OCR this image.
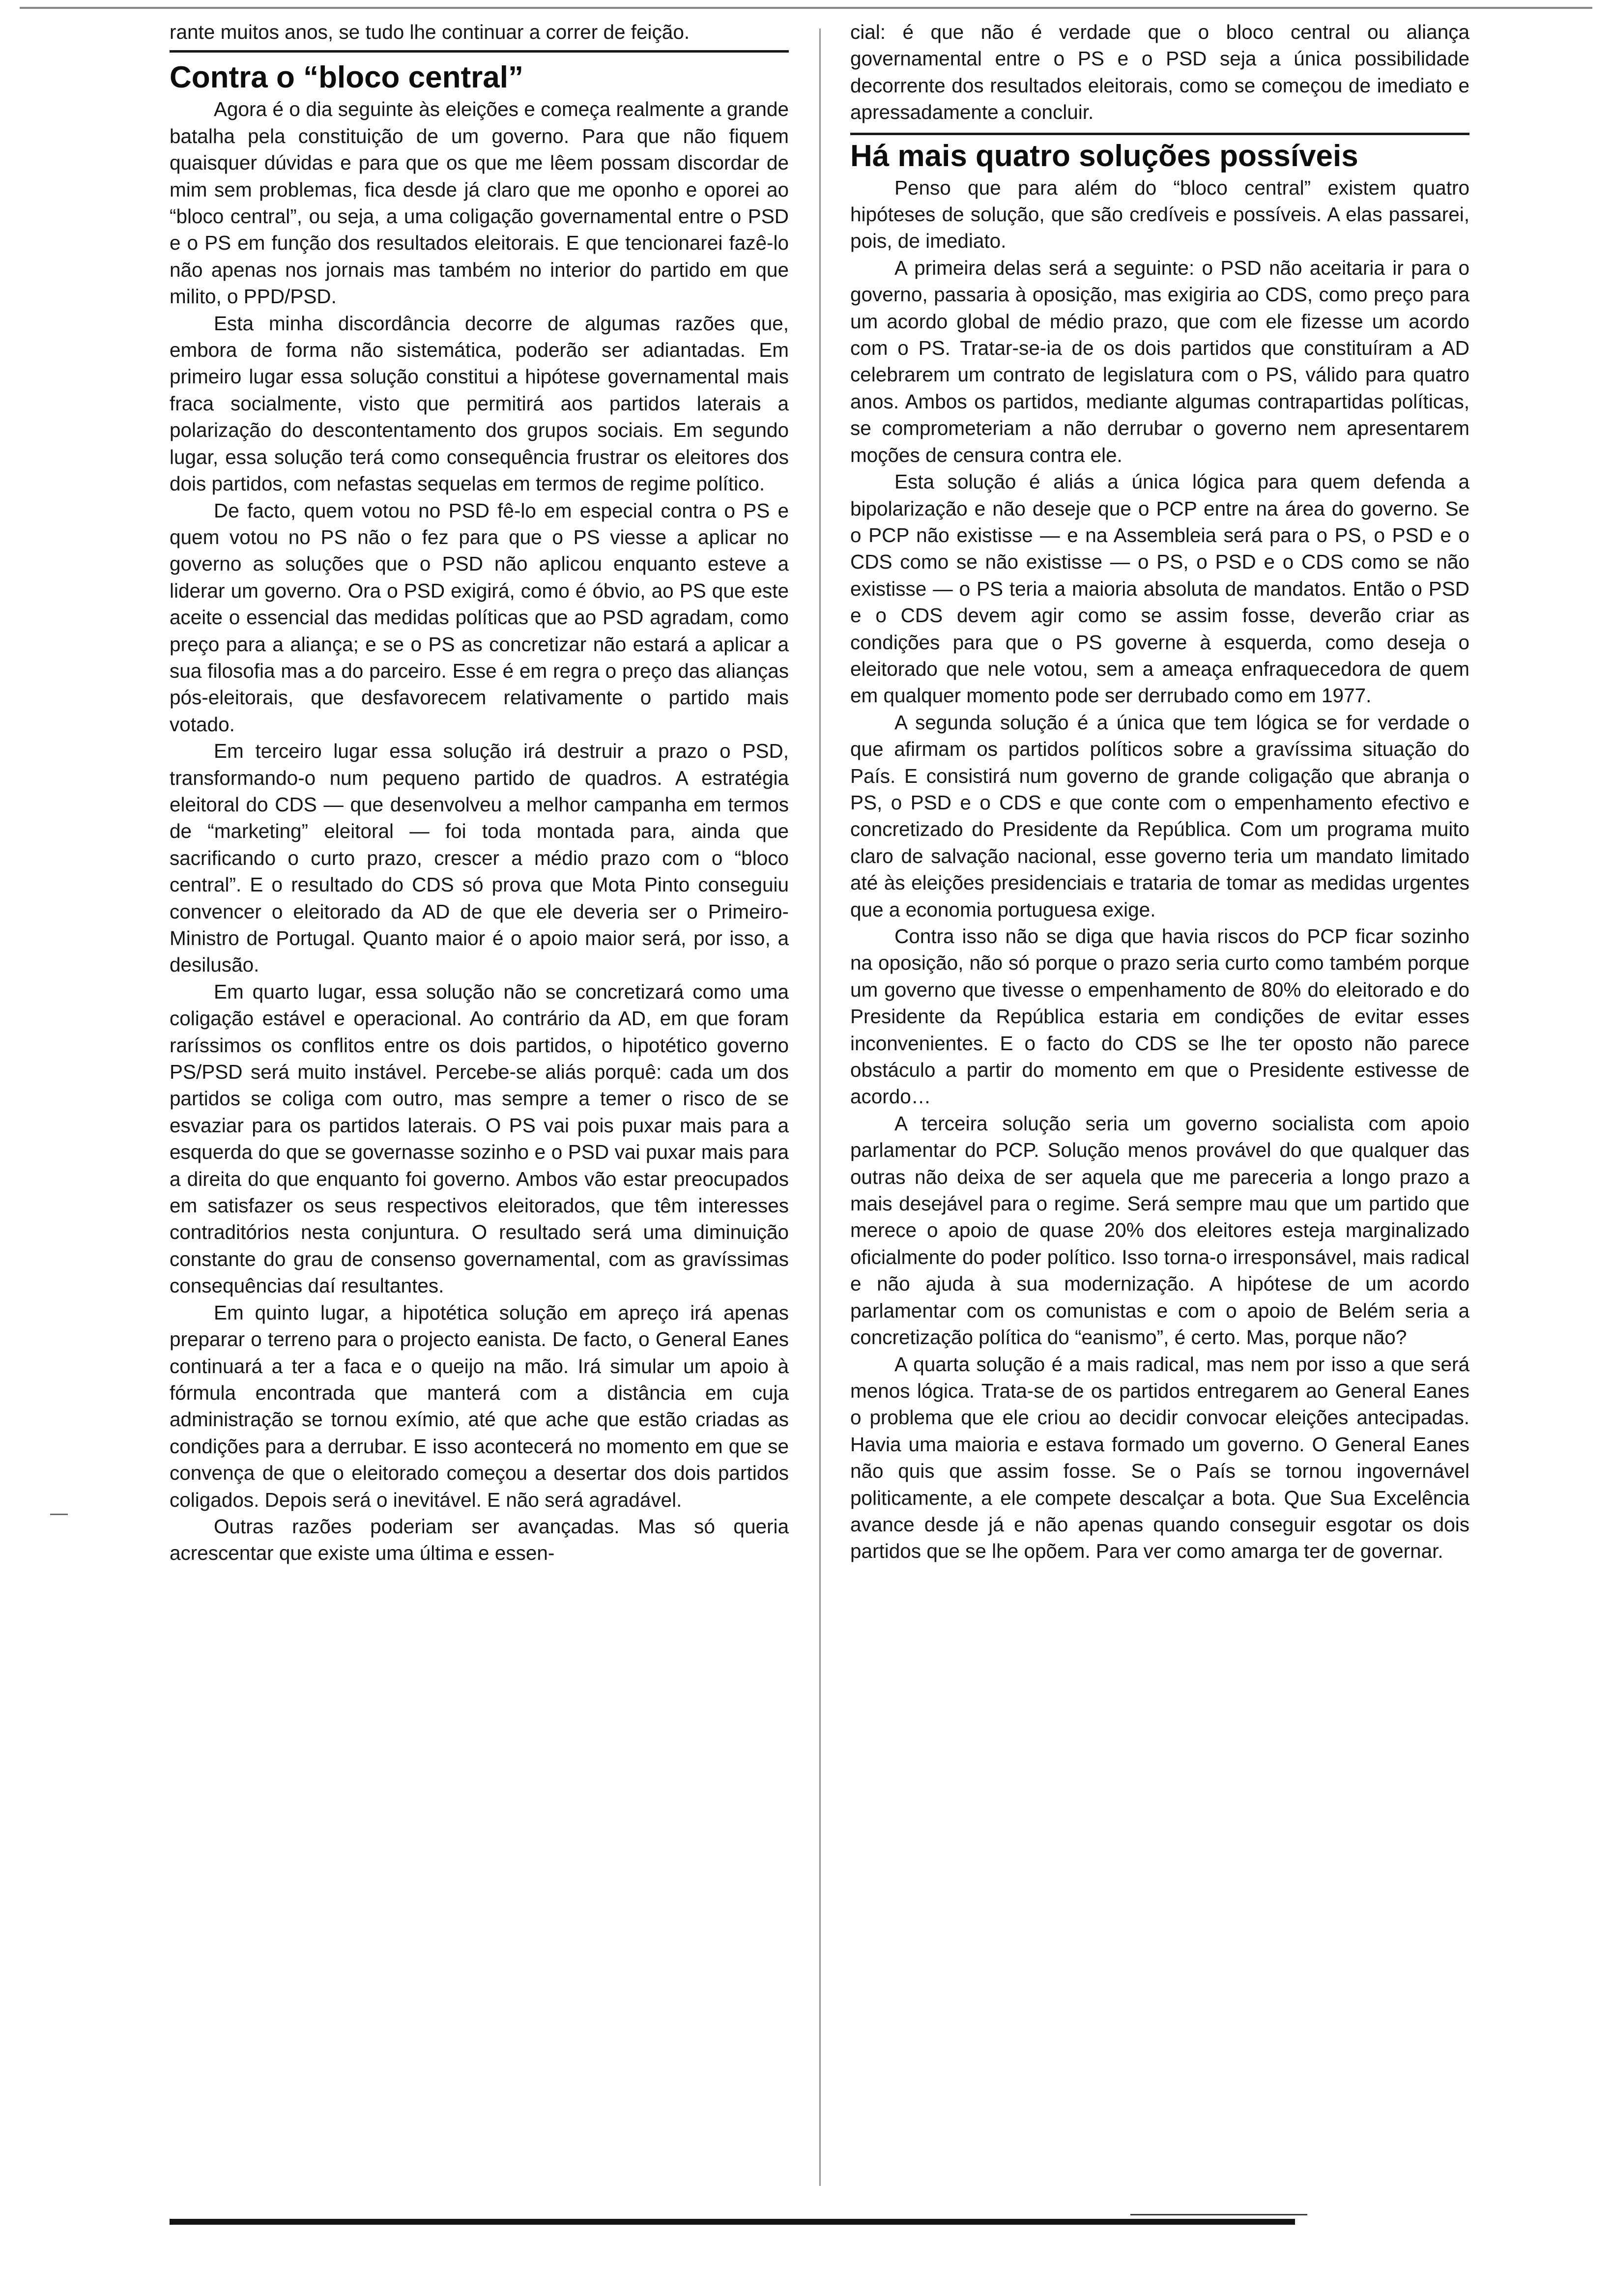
rante muitos anos, se tudo lhe continuar a correr de feição.

Contra o “bloco central”

Agora é o dia seguinte às eleições e começa realmente a grande batalha pela constituição de um governo. Para que não fiquem quaisquer dúvidas e para que os que me lêem possam discordar de mim sem problemas, fica desde já claro que me oponho e oporei ao “bloco central”, ou seja, a uma coligação governamental entre o PSD e o PS em função dos resultados eleitorais. E que tencionarei fazê-lo não apenas nos jornais mas também no interior do partido em que milito, o PPD/PSD.

Esta minha discordância decorre de algumas razões que, embora de forma não sistemática, poderão ser adiantadas. Em primeiro lugar essa solução constitui a hipótese governamental mais fraca socialmente, visto que permitirá aos partidos laterais a polarização do descontentamento dos grupos sociais. Em segundo lugar, essa solução terá como consequência frustrar os eleitores dos dois partidos, com nefastas sequelas em termos de regime político.

De facto, quem votou no PSD fê-lo em especial contra o PS e quem votou no PS não o fez para que o PS viesse a aplicar no governo as soluções que o PSD não aplicou enquanto esteve a liderar um governo. Ora o PSD exigirá, como é óbvio, ao PS que este aceite o essencial das medidas políticas que ao PSD agradam, como preço para a aliança; e se o PS as concretizar não estará a aplicar a sua filosofia mas a do parceiro. Esse é em regra o preço das alianças pós-eleitorais, que desfavorecem relativamente o partido mais votado.

Em terceiro lugar essa solução irá destruir a prazo o PSD, transformando-o num pequeno partido de quadros. A estratégia eleitoral do CDS — que desenvolveu a melhor campanha em termos de “marketing” eleitoral — foi toda montada para, ainda que sacrificando o curto prazo, crescer a médio prazo com o “bloco central”. E o resultado do CDS só prova que Mota Pinto conseguiu convencer o eleitorado da AD de que ele deveria ser o Primeiro-Ministro de Portugal. Quanto maior é o apoio maior será, por isso, a desilusão.

Em quarto lugar, essa solução não se concretizará como uma coligação estável e operacional. Ao contrário da AD, em que foram raríssimos os conflitos entre os dois partidos, o hipotético governo PS/PSD será muito instável. Percebe-se aliás porquê: cada um dos partidos se coliga com outro, mas sempre a temer o risco de se esvaziar para os partidos laterais. O PS vai pois puxar mais para a esquerda do que se governasse sozinho e o PSD vai puxar mais para a direita do que enquanto foi governo. Ambos vão estar preocupados em satisfazer os seus respectivos eleitorados, que têm interesses contraditórios nesta conjuntura. O resultado será uma diminuição constante do grau de consenso governamental, com as gravíssimas consequências daí resultantes.

Em quinto lugar, a hipotética solução em apreço irá apenas preparar o terreno para o projecto eanista. De facto, o General Eanes continuará a ter a faca e o queijo na mão. Irá simular um apoio à fórmula encontrada que manterá com a distância em cuja administração se tornou exímio, até que ache que estão criadas as condições para a derrubar. E isso acontecerá no momento em que se convença de que o eleitorado começou a desertar dos dois partidos coligados. Depois será o inevitável. E não será agradável.

Outras razões poderiam ser avançadas. Mas só queria acrescentar que existe uma última e essen-

cial: é que não é verdade que o bloco central ou aliança governamental entre o PS e o PSD seja a única possibilidade decorrente dos resultados eleitorais, como se começou de imediato e apressadamente a concluir.

Há mais quatro soluções possíveis

Penso que para além do “bloco central” existem quatro hipóteses de solução, que são credíveis e possíveis. A elas passarei, pois, de imediato.

A primeira delas será a seguinte: o PSD não aceitaria ir para o governo, passaria à oposição, mas exigiria ao CDS, como preço para um acordo global de médio prazo, que com ele fizesse um acordo com o PS. Tratar-se-ia de os dois partidos que constituíram a AD celebrarem um contrato de legislatura com o PS, válido para quatro anos. Ambos os partidos, mediante algumas contrapartidas políticas, se comprometeriam a não derrubar o governo nem apresentarem moções de censura contra ele.

Esta solução é aliás a única lógica para quem defenda a bipolarização e não deseje que o PCP entre na área do governo. Se o PCP não existisse — e na Assembleia será para o PS, o PSD e o CDS como se não existisse — o PS, o PSD e o CDS como se não existisse — o PS teria a maioria absoluta de mandatos. Então o PSD e o CDS devem agir como se assim fosse, deverão criar as condições para que o PS governe à esquerda, como deseja o eleitorado que nele votou, sem a ameaça enfraquecedora de quem em qualquer momento pode ser derrubado como em 1977.

A segunda solução é a única que tem lógica se for verdade o que afirmam os partidos políticos sobre a gravíssima situação do País. E consistirá num governo de grande coligação que abranja o PS, o PSD e o CDS e que conte com o empenhamento efectivo e concretizado do Presidente da República. Com um programa muito claro de salvação nacional, esse governo teria um mandato limitado até às eleições presidenciais e trataria de tomar as medidas urgentes que a economia portuguesa exige.

Contra isso não se diga que havia riscos do PCP ficar sozinho na oposição, não só porque o prazo seria curto como também porque um governo que tivesse o empenhamento de 80% do eleitorado e do Presidente da República estaria em condições de evitar esses inconvenientes. E o facto do CDS se lhe ter oposto não parece obstáculo a partir do momento em que o Presidente estivesse de acordo…

A terceira solução seria um governo socialista com apoio parlamentar do PCP. Solução menos provável do que qualquer das outras não deixa de ser aquela que me pareceria a longo prazo a mais desejável para o regime. Será sempre mau que um partido que merece o apoio de quase 20% dos eleitores esteja marginalizado oficialmente do poder político. Isso torna-o irresponsável, mais radical e não ajuda à sua modernização. A hipótese de um acordo parlamentar com os comunistas e com o apoio de Belém seria a concretização política do “eanismo”, é certo. Mas, porque não?

A quarta solução é a mais radical, mas nem por isso a que será menos lógica. Trata-se de os partidos entregarem ao General Eanes o problema que ele criou ao decidir convocar eleições antecipadas. Havia uma maioria e estava formado um governo. O General Eanes não quis que assim fosse. Se o País se tornou ingovernável politicamente, a ele compete descalçar a bota. Que Sua Excelência avance desde já e não apenas quando conseguir esgotar os dois partidos que se lhe opõem. Para ver como amarga ter de governar.
